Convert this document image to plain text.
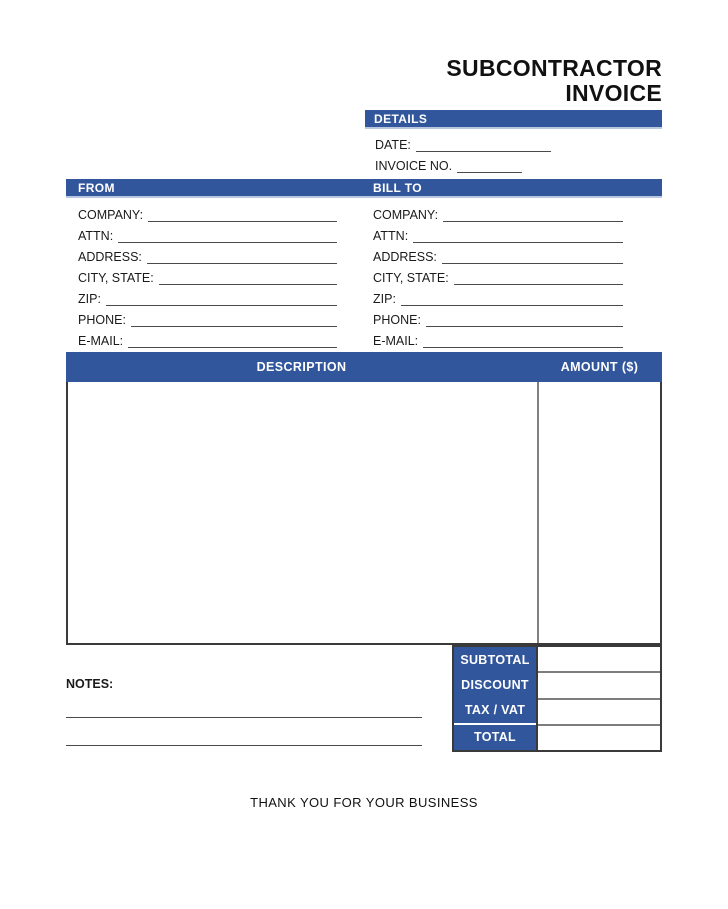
SUBCONTRACTOR
INVOICE
DETAILS
DATE:
INVOICE NO.
FROM	BILL TO
COMPANY:
ATTN:
ADDRESS:
CITY, STATE:
ZIP:
PHONE:
E-MAIL:
COMPANY:
ATTN:
ADDRESS:
CITY, STATE:
ZIP:
PHONE:
E-MAIL:
DESCRIPTION	AMOUNT ($)
SUBTOTAL
DISCOUNT
TAX / VAT
TOTAL
NOTES:
THANK YOU FOR YOUR BUSINESS
